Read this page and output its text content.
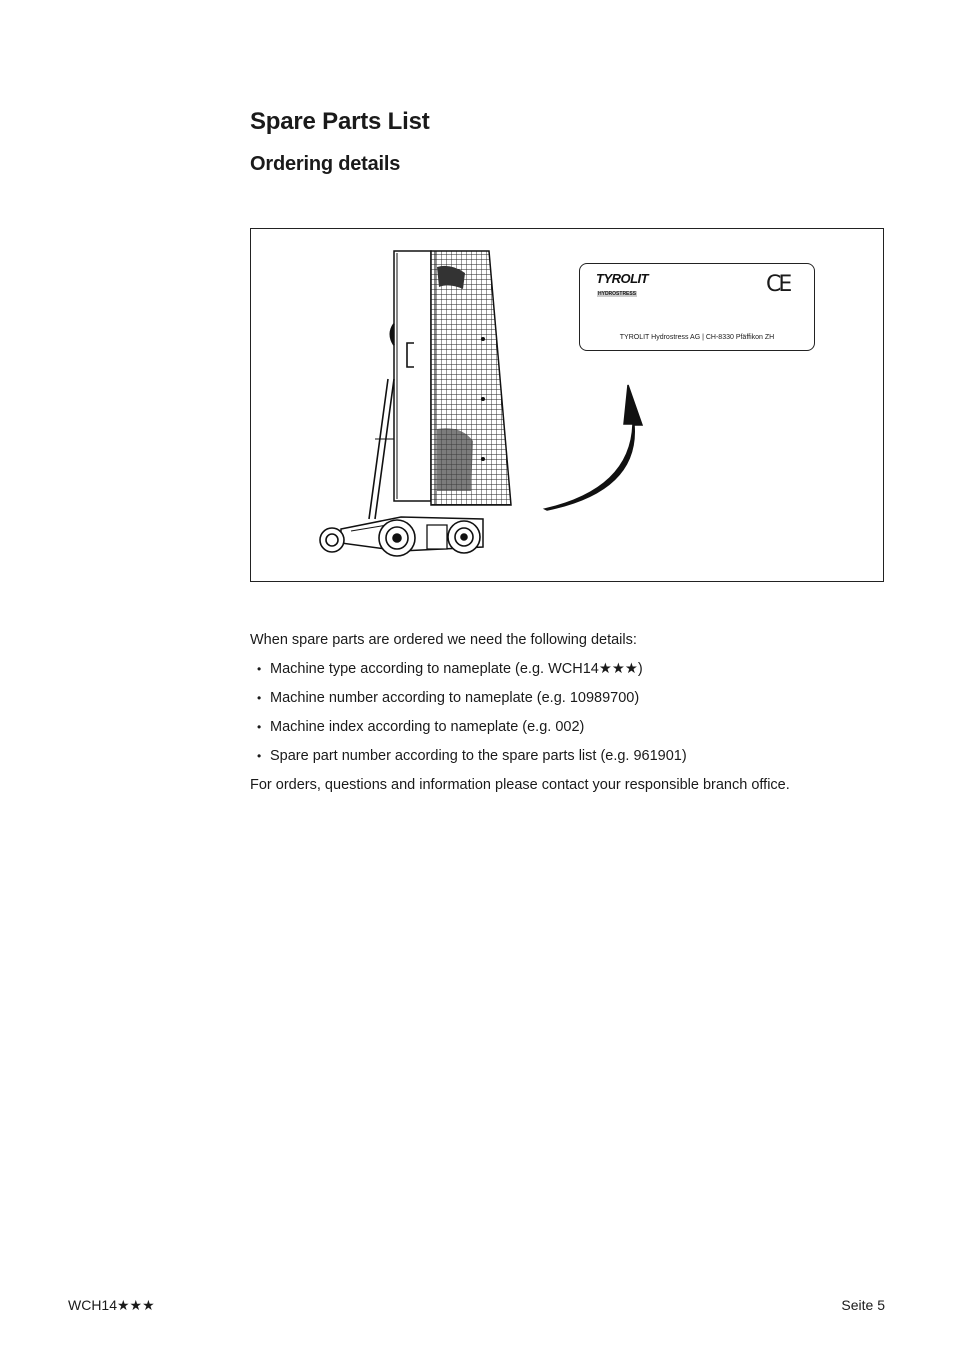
Spare Parts List
Ordering details
TYROLIT
HYDROSTRESS	CE
TYROLIT Hydrostress AG | CH-8330 Pfäffikon ZH

When spare parts are ordered we need the following details:

• Machine type according to nameplate (e.g. WCH14★★★)
• Machine number according to nameplate (e.g. 10989700)
• Machine index according to nameplate (e.g. 002)
• Spare part number according to the spare parts list (e.g. 961901)

For orders, questions and information please contact your responsible branch office.

WCH14★★★	Seite 5
